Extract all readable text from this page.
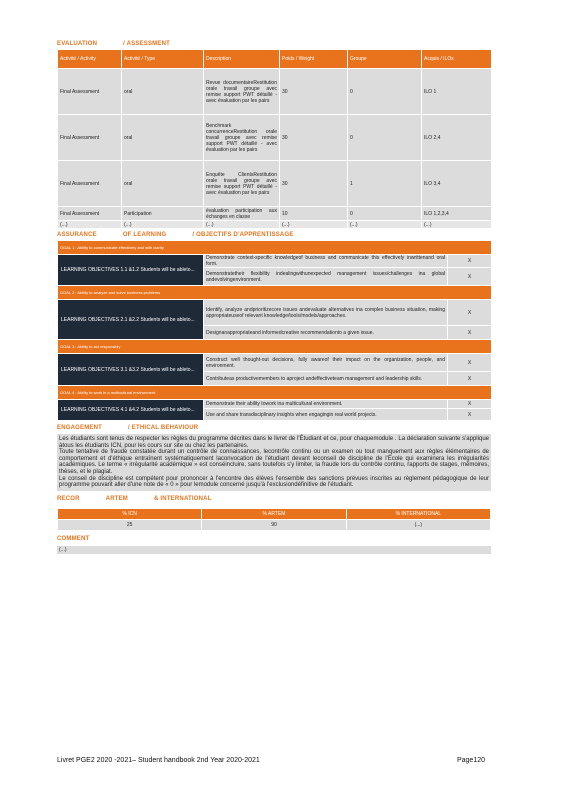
EVALUATION	/ ASSESSMENT

Activité / Activity	Activité / Type	Description	Poids / Weight	Groupe	Acquis / ILOs
Final Assessment	oral	Revue documentaireRestitution orale travail groupe avec remise support PWT détaillé - avec évaluation par les pairs	30	0	ILO 1
Final Assessment	oral	Benchmark concurrenceRestitution orale travail groupe avec remise support PWT détaillé - avec évaluation par les pairs	30	0	ILO 2,4
Final Assessment	oral	Enquête ClientsRestitution orale travail groupe avec remise support PWT détaillé - avec évaluation par les pairs	30	1	ILO 3,4
Final Assessment	Participation	évaluation participation aux échanges en classe	10	0	ILO 1,2,3,4
(...)	(...)	(...)	(...)	(...)	(...)

ASSURANCE	OF LEARNING	/ OBJECTIFS D'APPRENTISSAGE

GOAL 1 : Ability to communicate effectively and with clarity		
LEARNING OBJECTIVES 1.1 &1.2 Students will be ableto...	Demonstrate context-specific knowledgeof business and communicate this effectively inwrittenand oral form.	X
	Demonstratetheir flexibility indealingwithunexpected management issues/challenges ina global andevolvingenvironment.	X
GOAL 2 : Ability to analyze and solve business problems		
LEARNING OBJECTIVES 2.1 &2.2 Students will be ableto...	Identify, analyze andprioritizecore issues andevaluate alternatives ina complex business situation, making appropriateuseof relevant knowledge/tools/models/approaches.	X
	Designanappropriateand informedcreative recommendationto a given issue.	X
GOAL 3 : Ability to act responsibly		
LEARNING OBJECTIVES 3.1 &3.2 Students will be ableto...	Construct well thought-out decisions, fully awareof their impact on the organization, people, and environment.	X
	Contributeas productivemembers to aproject andeffectiveteam management and leadership skills.	X
GOAL 4 : Ability to work in a multicultural environment		
LEARNING OBJECTIVES 4.1 &4.2 Students will be ableto...	Demonstrate their ability towork ina multicultural environment.	X
	Use and share transdisciplinary insights when engagingin real world projects.	X

ENGAGEMENT	/ ETHICAL BEHAVIOUR

Les étudiants sont tenus de respecter les règles du programme décrites dans le livret de l'Étudiant et ce, pour chaquemodule . La déclaration suivante s'applique àtous les étudiants ICN, pour les cours sur site ou chez les partenaires.
Toute tentative de fraude constatée durant un contrôle de connaissances, lecontrôle continu ou un examen ou tout manquement aux règles élémentaires de comportement et d'éthique entraînent systématiquement laconvocation de l'étudiant devant leconseil de discipline de l'École qui examinera les irrégularités académiques. Le terme « irrégularité académique » est conséincluire, sans toutefois s'y limiter, la fraude lors du contrôle continu, rapports de stages, mémoires, thèses, et le plagiat.
Le conseil de discipline est compétent pour prononcer à l'encontre des élèves l'ensemble des sanctions prévues inscrites au règlement pédagogique de leur programme pouvant aller d'une note de « 0 » pour lemodule concerné jusqu'à l'exclusiondéfinitive de l'étudiant.

RECOR	ARTEM	& INTERNATIONAL

% ICN	% ARTEM	% INTERNATIONAL
25	90	(...)

COMMENT

(...)
Livret PGE2 2020 -2021– Student handbook 2nd Year 2020-2021	Page120
